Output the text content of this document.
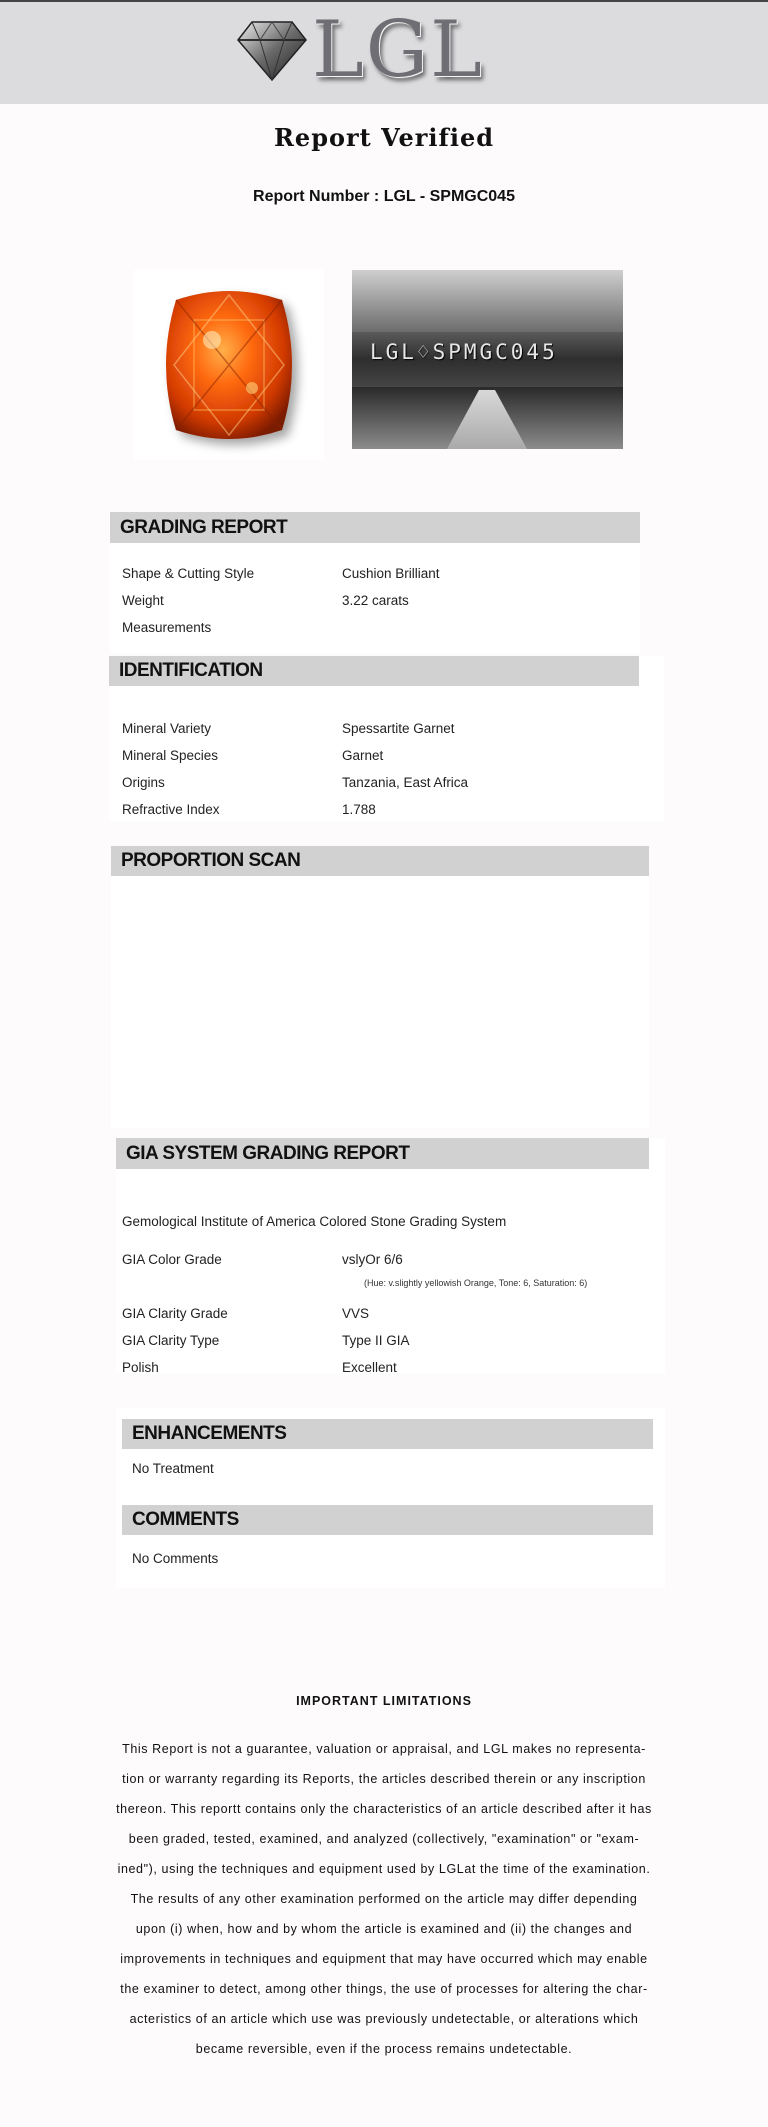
LGL
Report Verified
Report Number : LGL - SPMGC045
LGL♢SPMGC045
GRADING REPORT
Shape & Cutting Style	Cushion Brilliant
Weight	3.22 carats
Measurements
IDENTIFICATION
Mineral Variety	Spessartite Garnet
Mineral Species	Garnet
Origins	Tanzania, East Africa
Refractive Index	1.788
PROPORTION SCAN
GIA SYSTEM GRADING REPORT
Gemological Institute of America Colored Stone Grading System
GIA Color Grade	vslyOr 6/6
(Hue: v.slightly yellowish Orange, Tone: 6, Saturation: 6)
GIA Clarity Grade	VVS
GIA Clarity Type	Type II GIA
Polish	Excellent
ENHANCEMENTS
No Treatment
COMMENTS
No Comments
IMPORTANT LIMITATIONS
This Report is not a guarantee, valuation or appraisal, and LGL makes no representa-
tion or warranty regarding its Reports, the articles described therein or any inscription
thereon. This reportt contains only the characteristics of an article described after it has
been graded, tested, examined, and analyzed (collectively, "examination" or "exam-
ined"), using the techniques and equipment used by LGLat the time of the examination.
The results of any other examination performed on the article may differ depending
upon (i) when, how and by whom the article is examined and (ii) the changes and
improvements in techniques and equipment that may have occurred which may enable
the examiner to detect, among other things, the use of processes for altering the char-
acteristics of an article which use was previously undetectable, or alterations which
became reversible, even if the process remains undetectable.
